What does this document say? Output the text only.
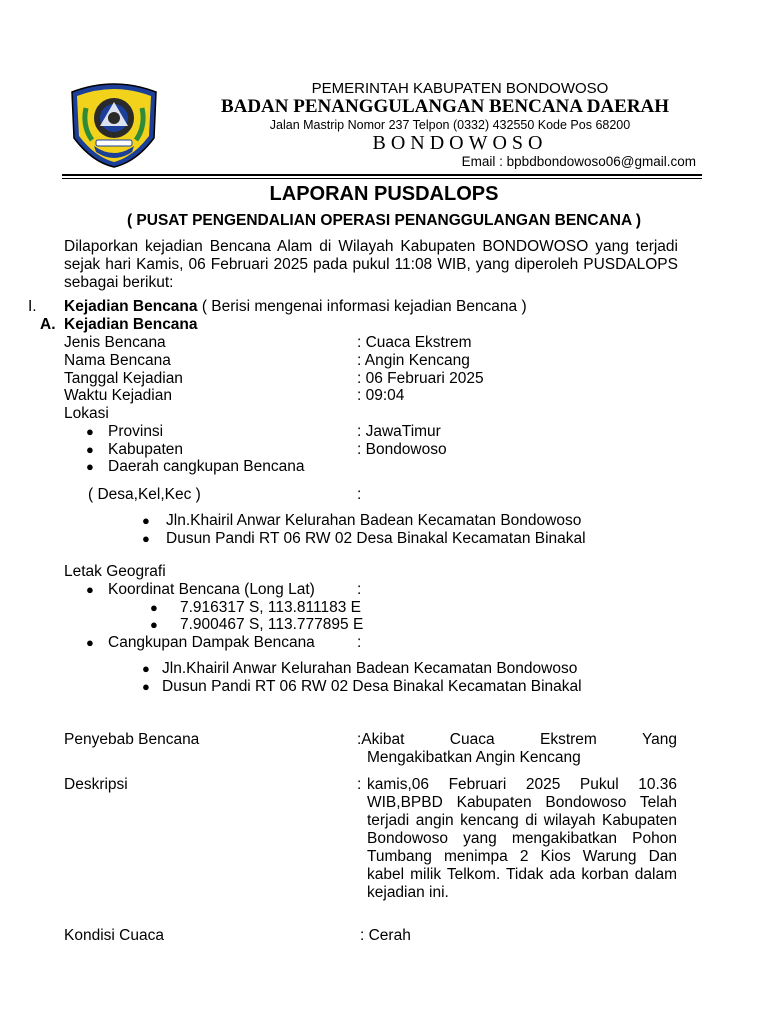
PEMERINTAH KABUPATEN BONDOWOSO
BADAN PENANGGULANGAN BENCANA DAERAH
Jalan Mastrip Nomor 237 Telpon (0332) 432550 Kode Pos 68200
BONDOWOSO
Email : bpbdbondowoso06@gmail.com
LAPORAN PUSDALOPS
( PUSAT PENGENDALIAN OPERASI PENANGGULANGAN BENCANA )
Dilaporkan kejadian Bencana Alam di Wilayah Kabupaten BONDOWOSO yang terjadi sejak hari Kamis, 06 Februari 2025 pada pukul 11:08 WIB, yang diperoleh PUSDALOPS sebagai berikut:
I. Kejadian Bencana ( Berisi mengenai informasi kejadian Bencana )
A. Kejadian Bencana
Jenis Bencana	: Cuaca Ekstrem
Nama Bencana	: Angin Kencang
Tanggal Kejadian	: 06 Februari 2025
Waktu Kejadian	: 09:04
Lokasi
● Provinsi	: JawaTimur
● Kabupaten	: Bondowoso
● Daerah cangkupan Bencana
( Desa,Kel,Kec )	:
● Jln.Khairil Anwar Kelurahan Badean Kecamatan Bondowoso
● Dusun Pandi RT 06 RW 02 Desa Binakal Kecamatan Binakal
Letak Geografi
● Koordinat Bencana (Long Lat)	:
● 7.916317 S, 113.811183 E
● 7.900467 S, 113.777895 E
● Cangkupan Dampak Bencana	:
● Jln.Khairil Anwar Kelurahan Badean Kecamatan Bondowoso
● Dusun Pandi RT 06 RW 02 Desa Binakal Kecamatan Binakal
Penyebab Bencana	:Akibat Cuaca Ekstrem Yang
Mengakibatkan Angin Kencang
Deskripsi	: kamis,06 Februari 2025 Pukul 10.36 WIB,BPBD Kabupaten Bondowoso Telah terjadi angin kencang di wilayah Kabupaten Bondowoso yang mengakibatkan Pohon Tumbang menimpa 2 Kios Warung Dan kabel milik Telkom. Tidak ada korban dalam kejadian ini.
Kondisi Cuaca	: Cerah
